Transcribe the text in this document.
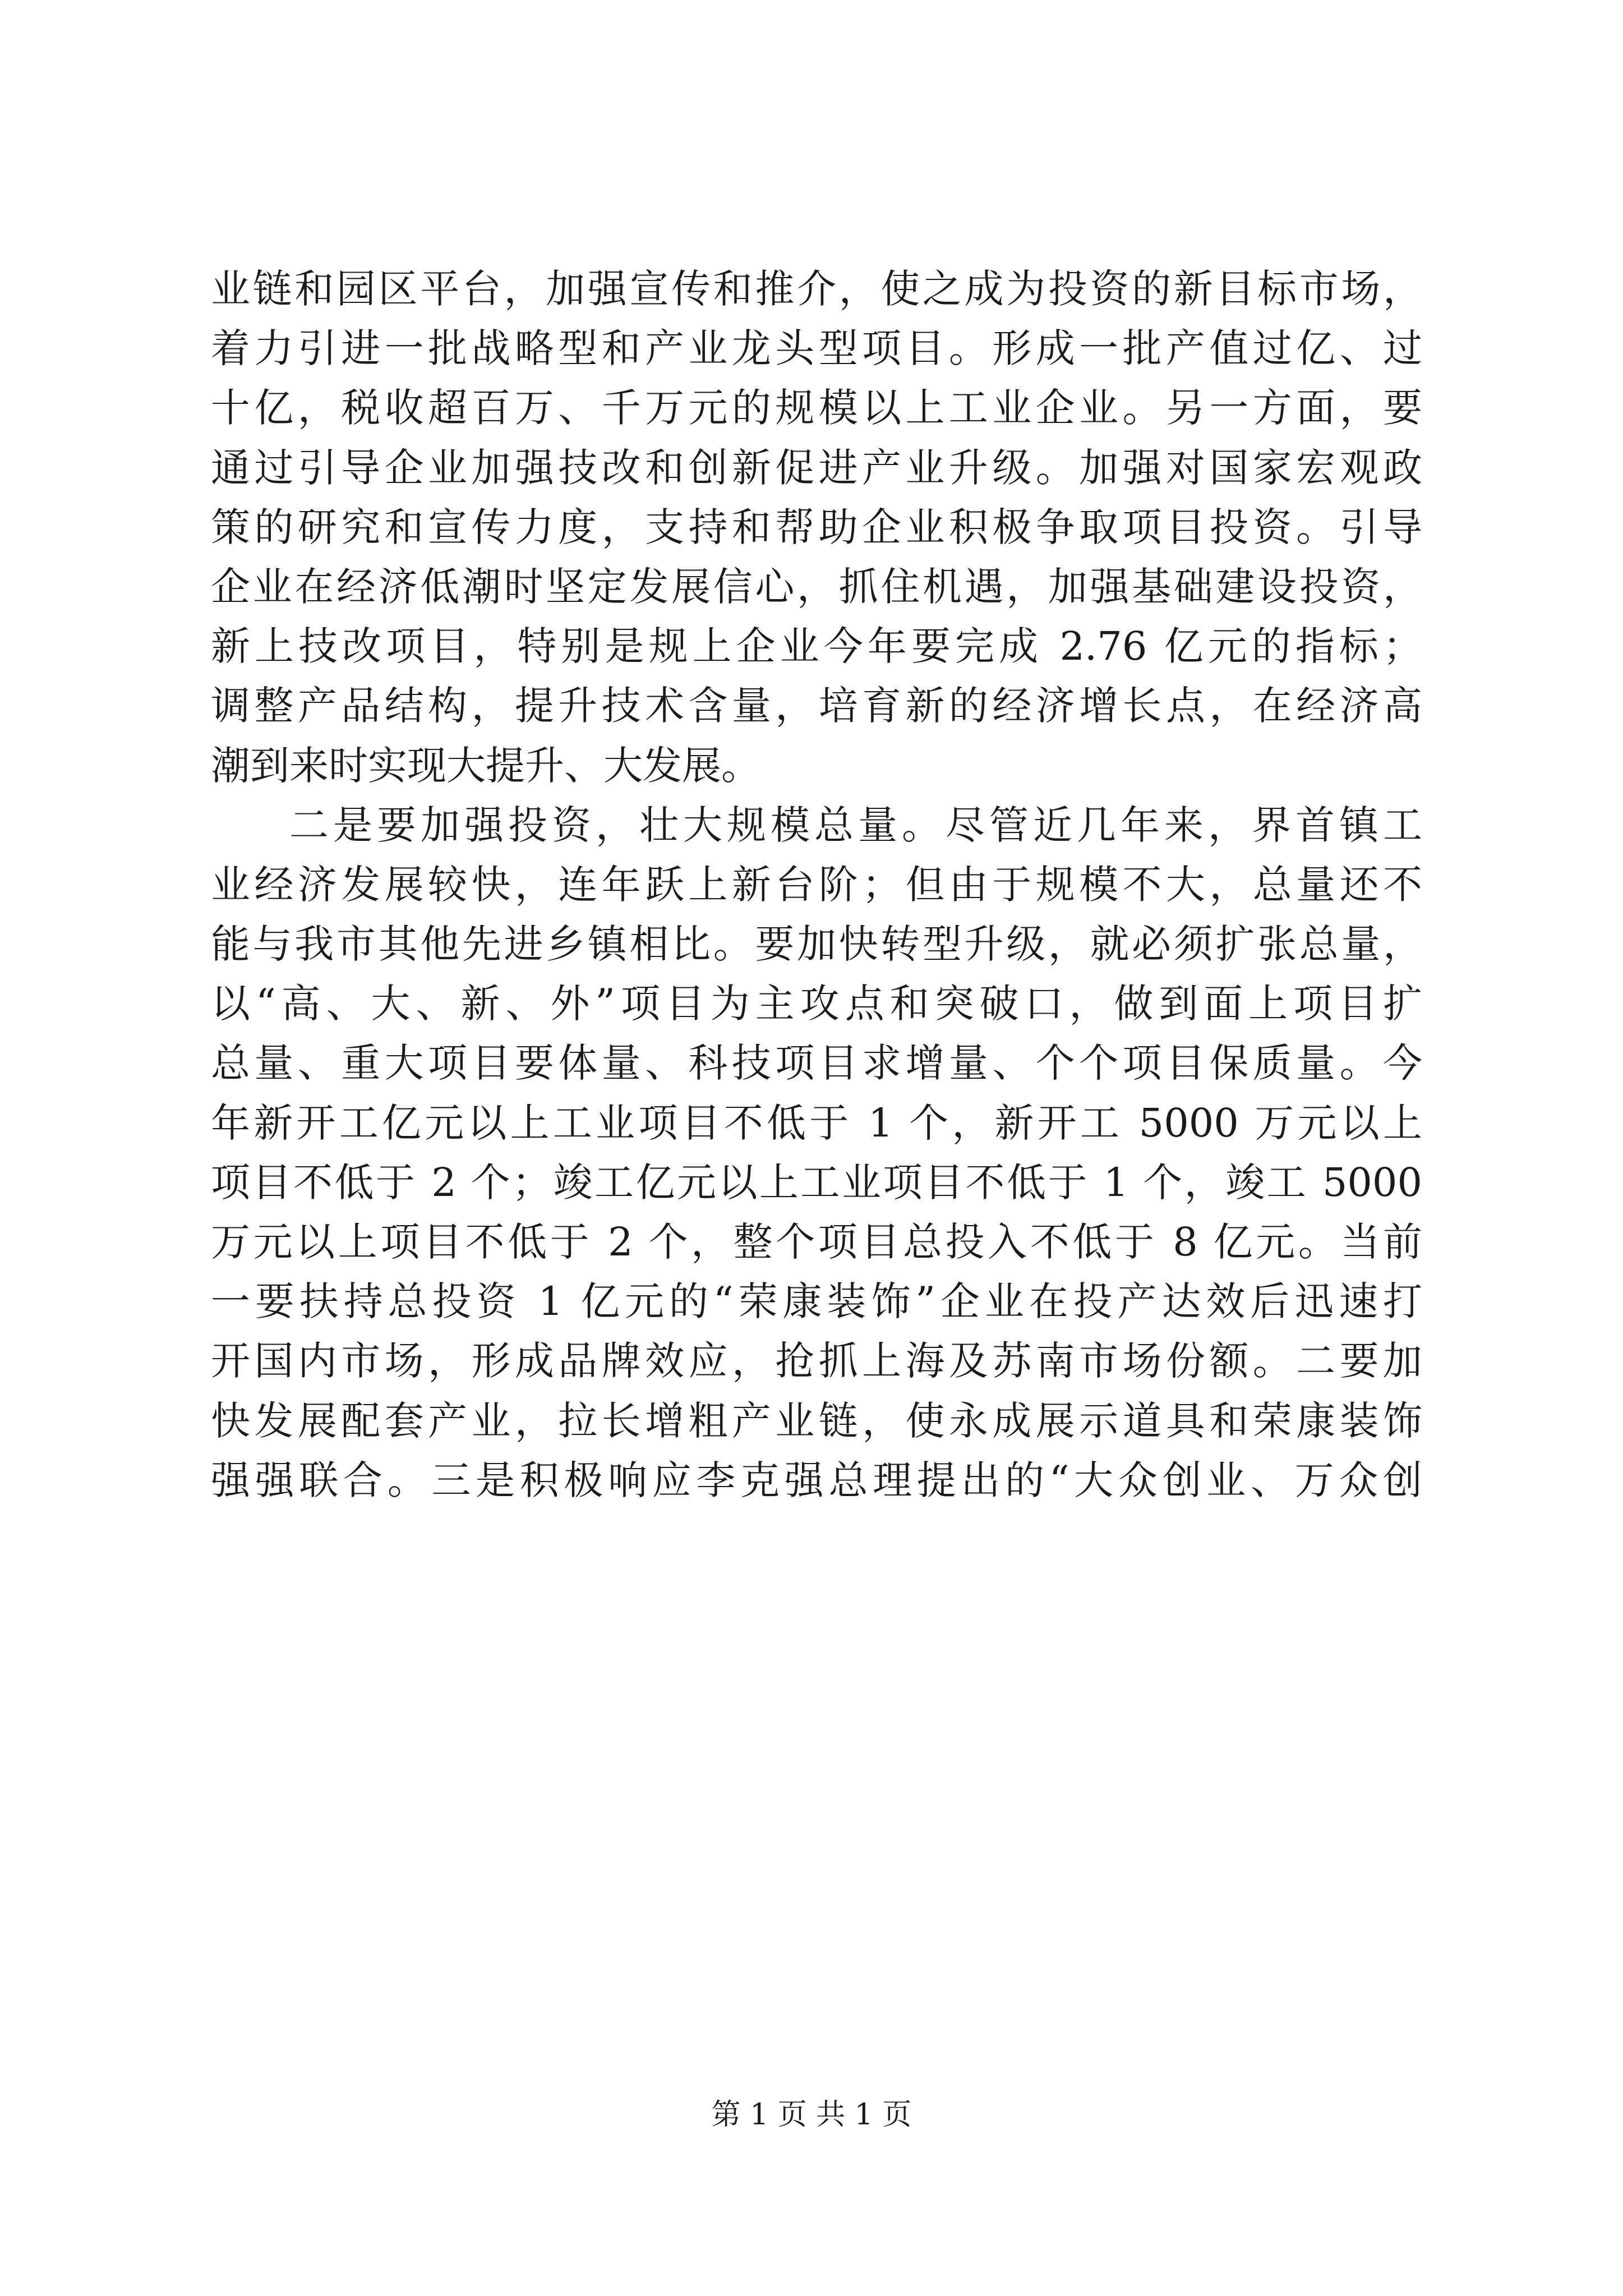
业链和园区平台，加强宣传和推介，使之成为投资的新目标市场，
着力引进一批战略型和产业龙头型项目。形成一批产值过亿、过
十亿，税收超百万、千万元的规模以上工业企业。另一方面，要
通过引导企业加强技改和创新促进产业升级。加强对国家宏观政
策的研究和宣传力度，支持和帮助企业积极争取项目投资。引导
企业在经济低潮时坚定发展信心，抓住机遇，加强基础建设投资，
新上技改项目，特别是规上企业今年要完成 2.76 亿元的指标；
调整产品结构，提升技术含量，培育新的经济增长点，在经济高
潮到来时实现大提升、大发展。
二是要加强投资，壮大规模总量。尽管近几年来，界首镇工
业经济发展较快，连年跃上新台阶；但由于规模不大，总量还不
能与我市其他先进乡镇相比。要加快转型升级，就必须扩张总量，
以“高、大、新、外”项目为主攻点和突破口，做到面上项目扩
总量、重大项目要体量、科技项目求增量、个个项目保质量。今
年新开工亿元以上工业项目不低于 1 个，新开工 5000 万元以上
项目不低于 2 个；竣工亿元以上工业项目不低于 1 个，竣工 5000
万元以上项目不低于 2 个，整个项目总投入不低于 8 亿元。当前
一要扶持总投资 1 亿元的“荣康装饰”企业在投产达效后迅速打
开国内市场，形成品牌效应，抢抓上海及苏南市场份额。二要加
快发展配套产业，拉长增粗产业链，使永成展示道具和荣康装饰
强强联合。三是积极响应李克强总理提出的“大众创业、万众创
第 1 页 共 1 页
